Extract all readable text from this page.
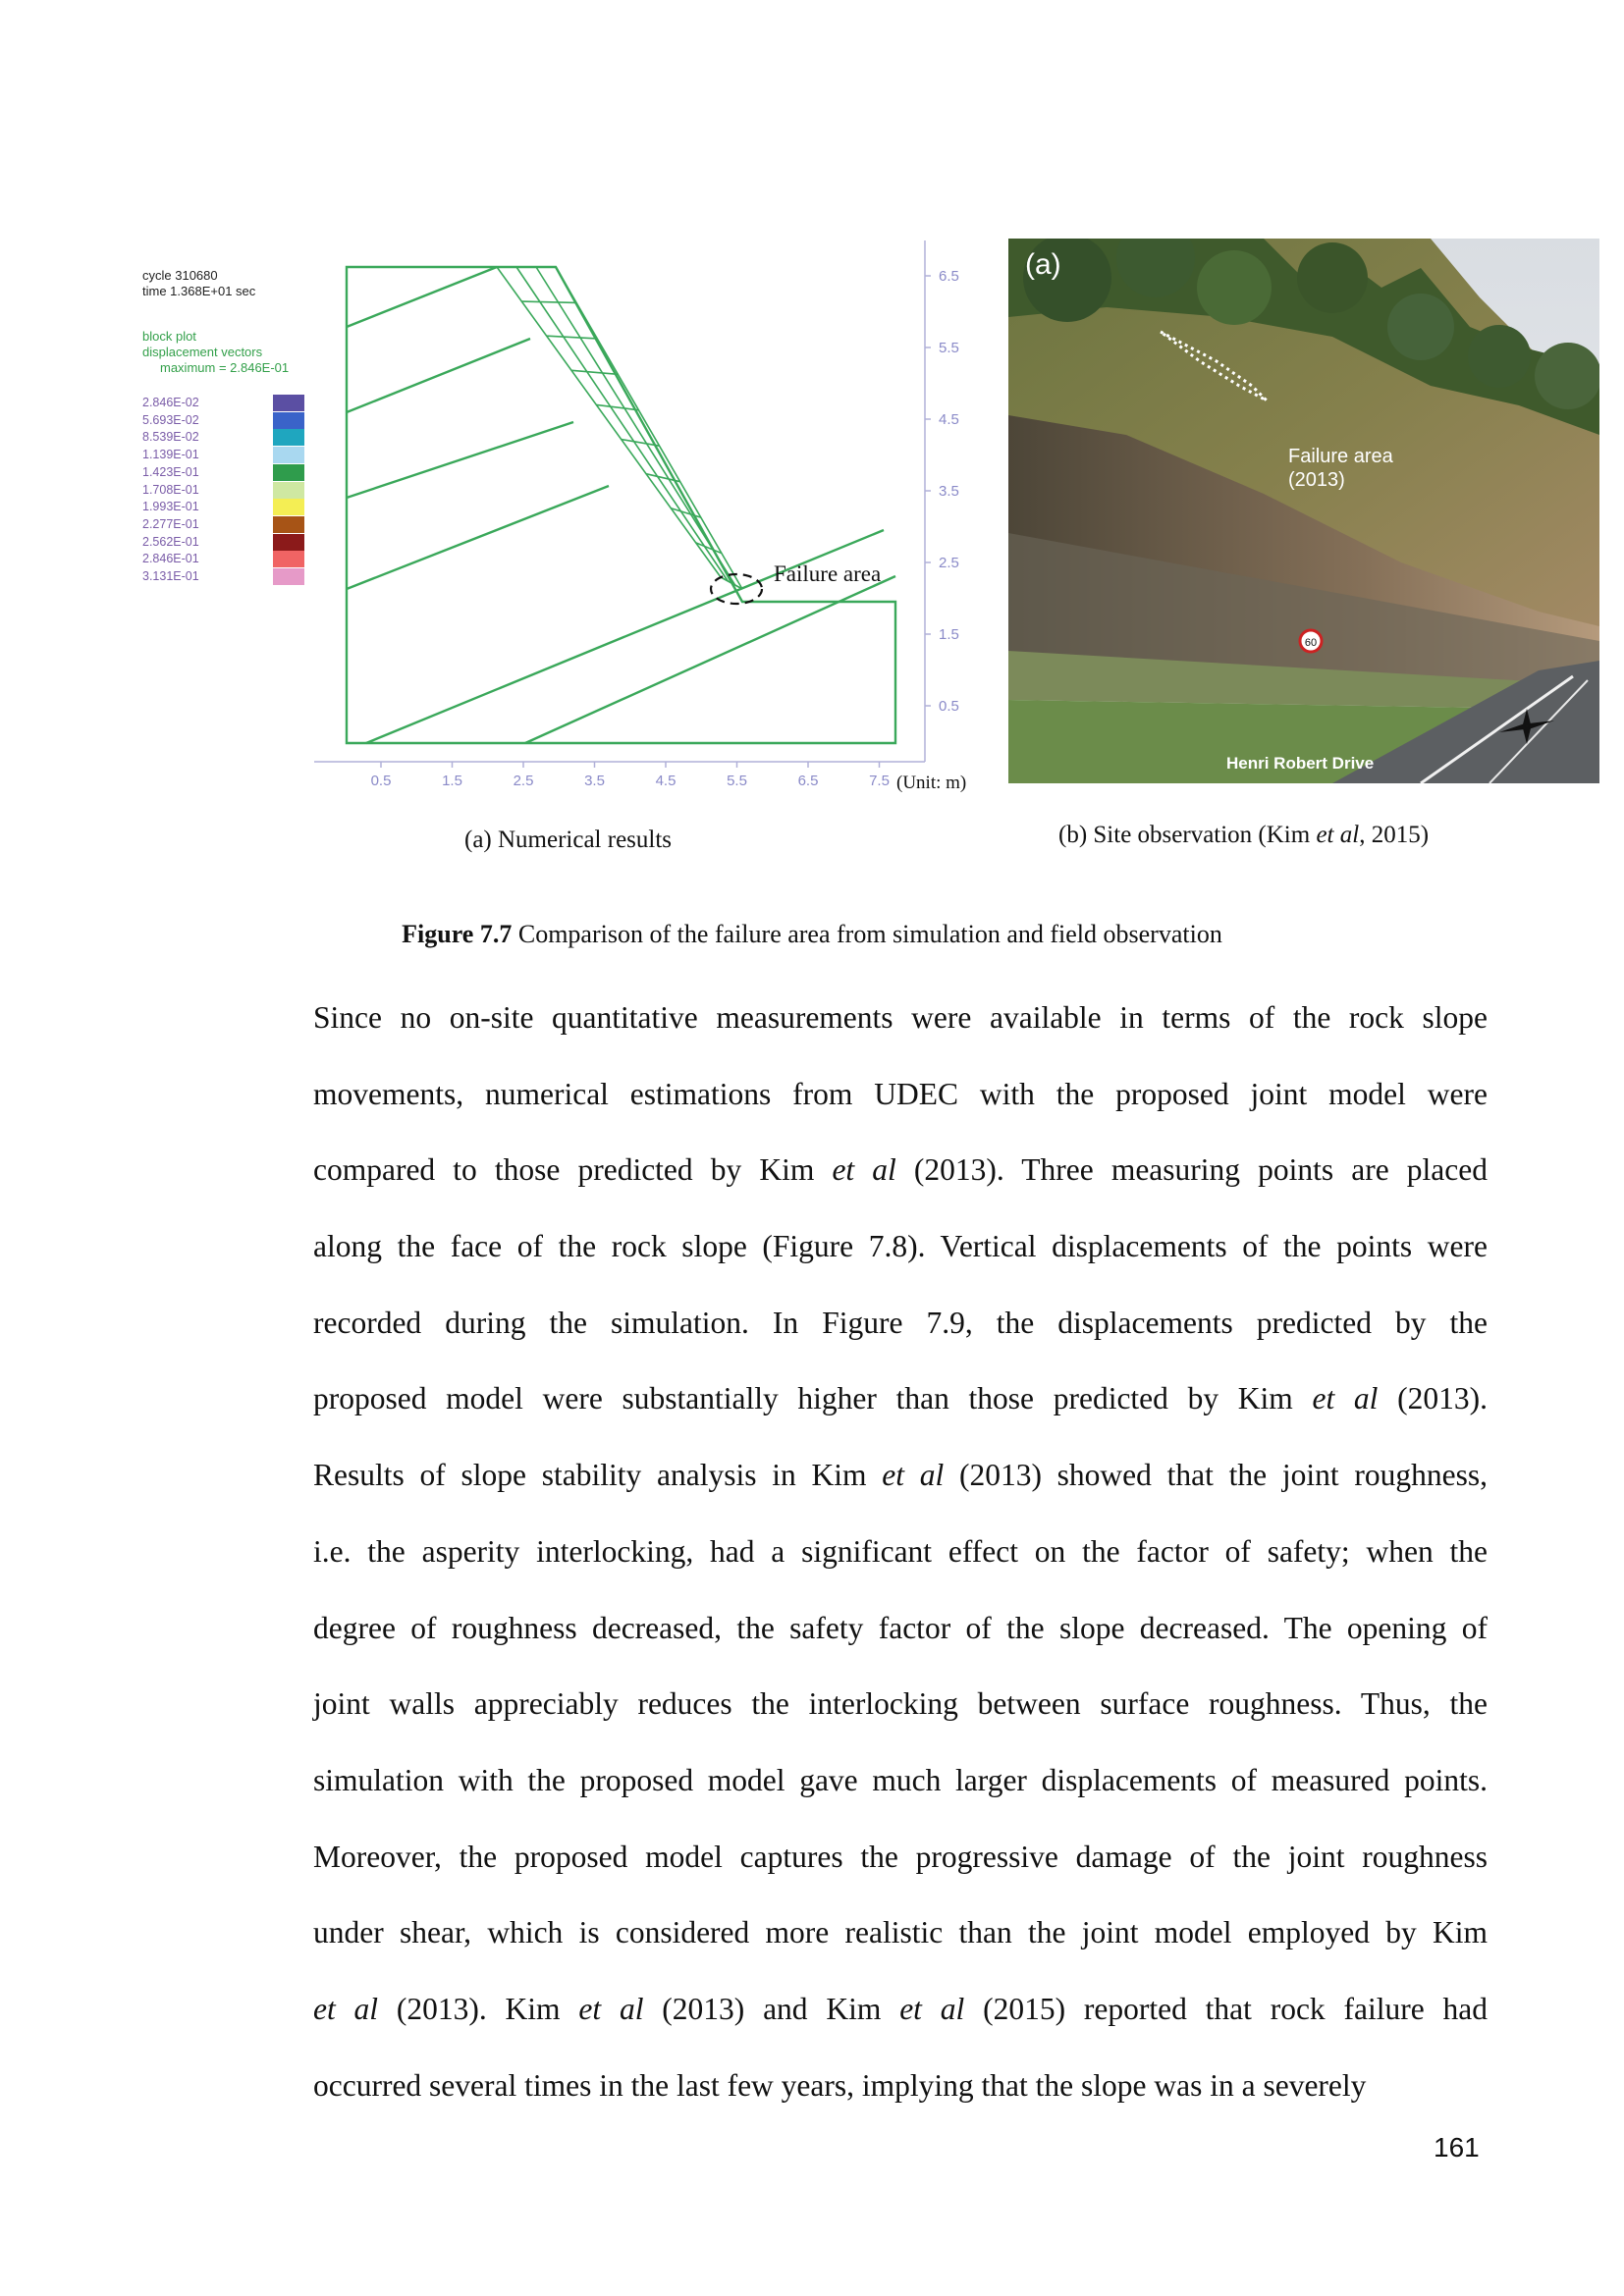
cycle 310680
time 1.368E+01 sec
block plot
displacement vectors
maximum = 2.846E-01
2.846E-02
5.693E-02
8.539E-02
1.139E-01
1.423E-01
1.708E-01
1.993E-01
2.277E-01
2.562E-01
2.846E-01
3.131E-01
0.5	1.5	2.5	3.5	4.5	5.5	6.5	7.5
6.5
5.5
4.5
3.5
2.5
1.5
0.5
Failure area
(Unit: m)
60
(a)
Failure area
(2013)
Henri Robert Drive
(a) Numerical results	(b) Site observation (Kim et al, 2015)
Figure 7.7 Comparison of the failure area from simulation and field observation
Since no on-site quantitative measurements were available in terms of the rock slope
movements, numerical estimations from UDEC with the proposed joint model were
compared to those predicted by Kim et al (2013). Three measuring points are placed
along the face of the rock slope (Figure 7.8). Vertical displacements of the points were
recorded during the simulation. In Figure 7.9, the displacements predicted by the
proposed model were substantially higher than those predicted by Kim et al (2013).
Results of slope stability analysis in Kim et al (2013) showed that the joint roughness,
i.e. the asperity interlocking, had a significant effect on the factor of safety; when the
degree of roughness decreased, the safety factor of the slope decreased. The opening of
joint walls appreciably reduces the interlocking between surface roughness. Thus, the
simulation with the proposed model gave much larger displacements of measured points.
Moreover, the proposed model captures the progressive damage of the joint roughness
under shear, which is considered more realistic than the joint model employed by Kim
et al (2013). Kim et al (2013) and Kim et al (2015) reported that rock failure had
occurred several times in the last few years, implying that the slope was in a severely
161
